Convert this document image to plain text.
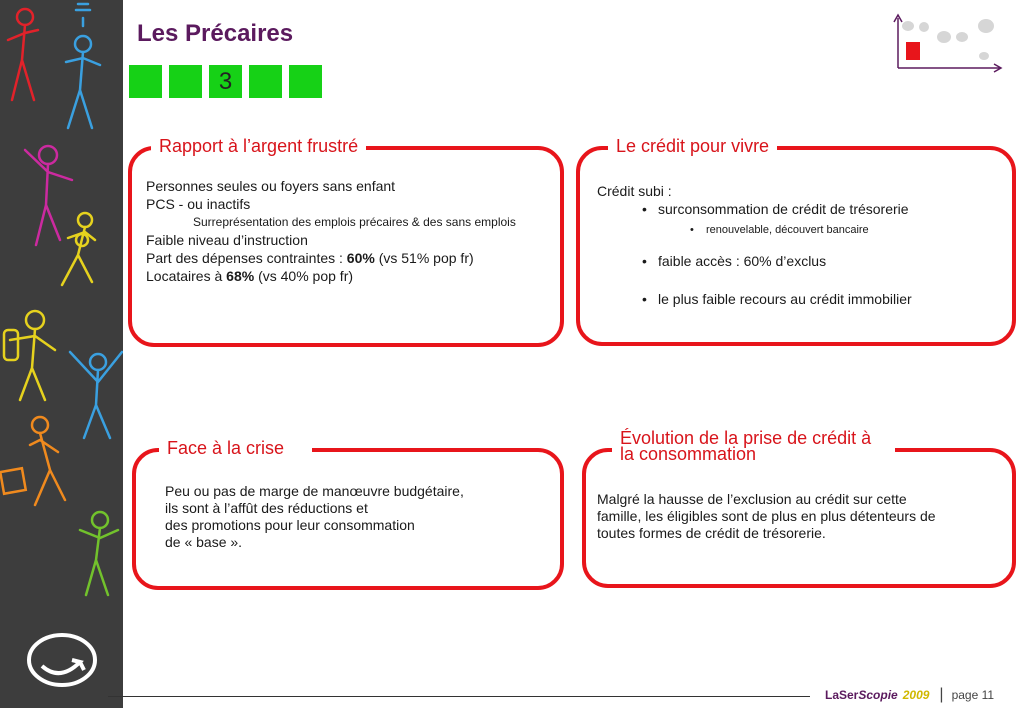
Les Précaires
3
Rapport à l’argent frustré
Personnes seules ou foyers sans enfant
PCS - ou inactifs
Surreprésentation des emplois précaires & des sans emplois
Faible niveau d’instruction
Part des dépenses contraintes : 60% (vs 51% pop fr)
Locataires à 68% (vs 40% pop fr)
Le crédit pour vivre
Crédit subi :
• surconsommation de crédit de trésorerie
•	renouvelable, découvert bancaire
• faible accès : 60% d’exclus
• le plus faible recours au crédit immobilier
Face à la crise
Peu ou pas de marge de manœuvre budgétaire,
ils sont à l’affût des réductions et
des promotions pour leur consommation
de « base ».
Évolution de la prise de crédit à
la consommation
Malgré la hausse de l’exclusion au crédit sur cette
famille, les éligibles sont de plus en plus détenteurs de
toutes formes de crédit de trésorerie.
LaSer Scopie 2009 | page 11
